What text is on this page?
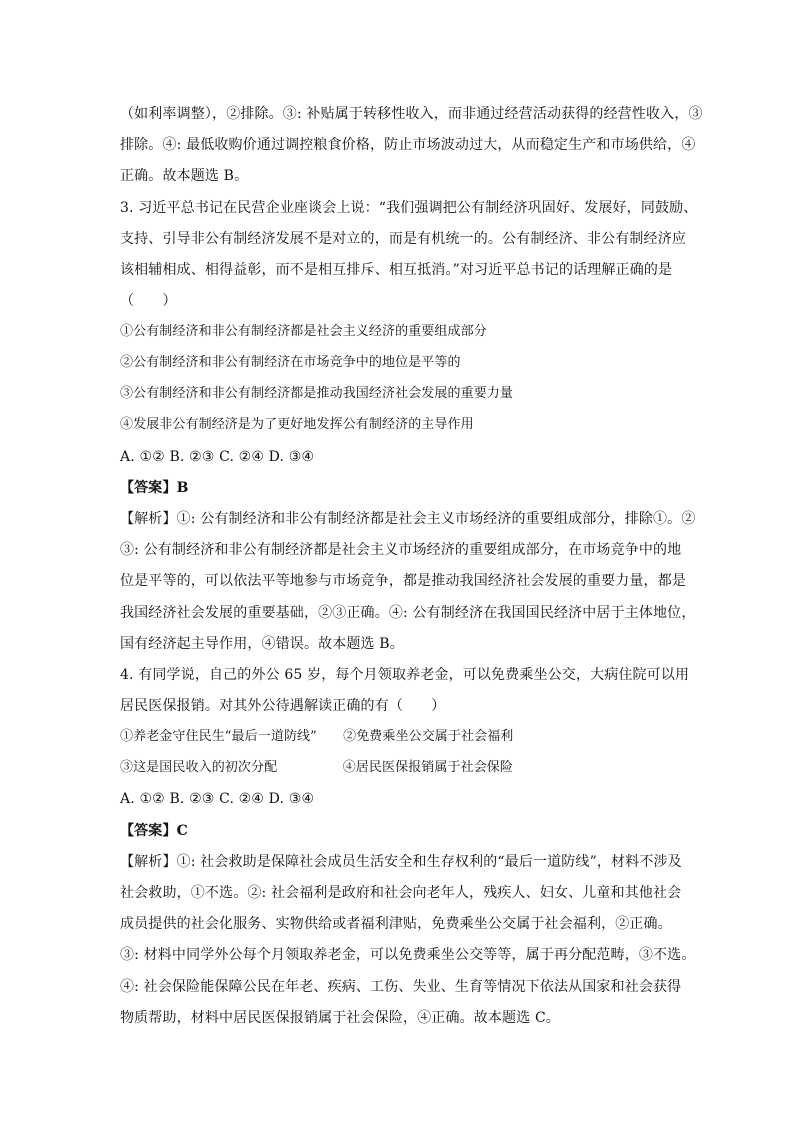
（如利率调整），②排除。③: 补贴属于转移性收入，而非通过经营活动获得的经营性收入，③
排除。④: 最低收购价通过调控粮食价格，防止市场波动过大，从而稳定生产和市场供给，④
正确。故本题选 B。
3. 习近平总书记在民营企业座谈会上说：“我们强调把公有制经济巩固好、发展好，同鼓励、
支持、引导非公有制经济发展不是对立的，而是有机统一的。公有制经济、非公有制经济应
该相辅相成、相得益彰，而不是相互排斥、相互抵消。”对习近平总书记的话理解正确的是
（　　）
①公有制经济和非公有制经济都是社会主义经济的重要组成部分
②公有制经济和非公有制经济在市场竞争中的地位是平等的
③公有制经济和非公有制经济都是推动我国经济社会发展的重要力量
④发展非公有制经济是为了更好地发挥公有制经济的主导作用
A. ①② B. ②③ C. ②④ D. ③④
【答案】B
【解析】①: 公有制经济和非公有制经济都是社会主义市场经济的重要组成部分，排除①。②
③: 公有制经济和非公有制经济都是社会主义市场经济的重要组成部分，在市场竞争中的地
位是平等的，可以依法平等地参与市场竞争，都是推动我国经济社会发展的重要力量，都是
我国经济社会发展的重要基础，②③正确。④: 公有制经济在我国国民经济中居于主体地位，
国有经济起主导作用，④错误。故本题选 B。
4. 有同学说，自己的外公 65 岁，每个月领取养老金，可以免费乘坐公交，大病住院可以用
居民医保报销。对其外公待遇解读正确的有（　　）
①养老金守住民生“最后一道防线”　　②免费乘坐公交属于社会福利
③这是国民收入的初次分配　　　　　④居民医保报销属于社会保险
A. ①② B. ②③ C. ②④ D. ③④
【答案】C
【解析】①: 社会救助是保障社会成员生活安全和生存权利的“最后一道防线”，材料不涉及
社会救助，①不选。②: 社会福利是政府和社会向老年人，残疾人、妇女、儿童和其他社会
成员提供的社会化服务、实物供给或者福利津贴，免费乘坐公交属于社会福利，②正确。
③: 材料中同学外公每个月领取养老金，可以免费乘坐公交等等，属于再分配范畴，③不选。
④: 社会保险能保障公民在年老、疾病、工伤、失业、生育等情况下依法从国家和社会获得
物质帮助，材料中居民医保报销属于社会保险，④正确。故本题选 C。
